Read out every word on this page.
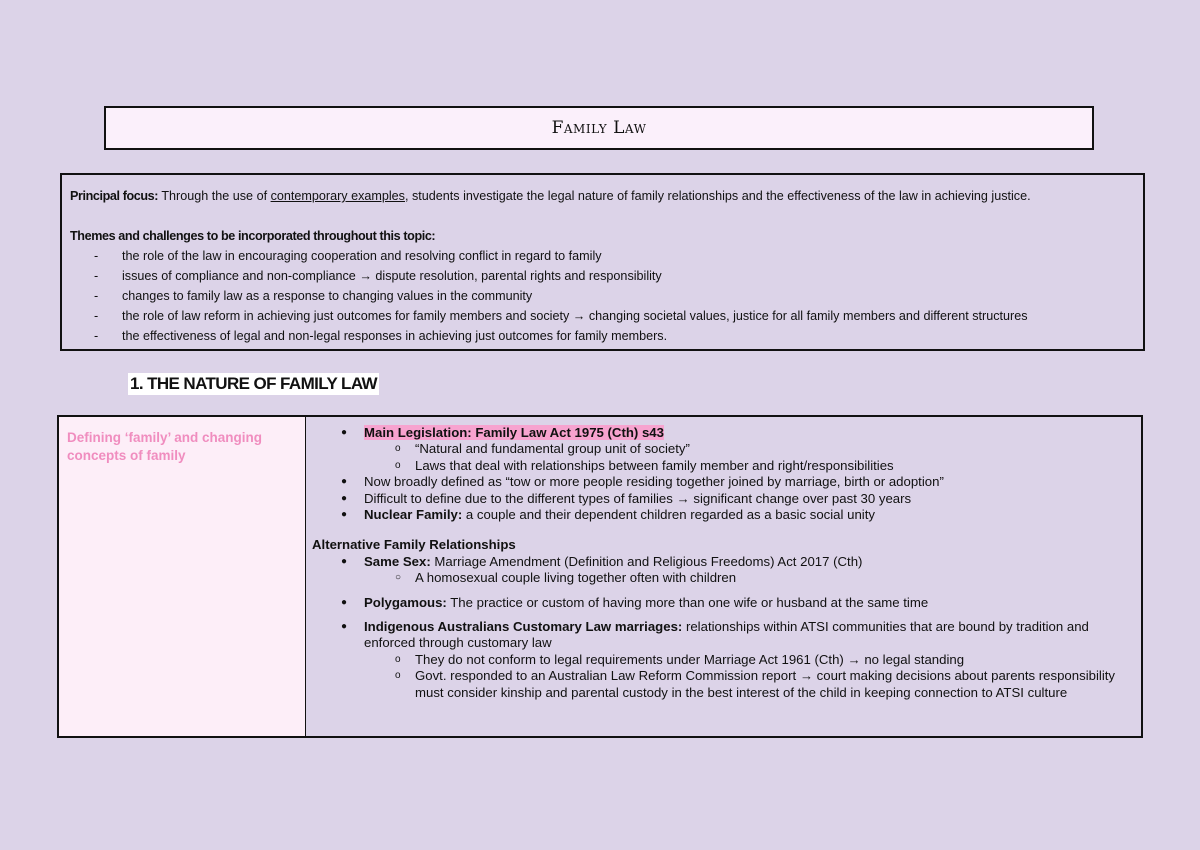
Family Law

Principal focus: Through the use of contemporary examples, students investigate the legal nature of family relationships and the effectiveness of the law in achieving justice.

Themes and challenges to be incorporated throughout this topic:

- the role of the law in encouraging cooperation and resolving conflict in regard to family
- issues of compliance and non-compliance → dispute resolution, parental rights and responsibility
- changes to family law as a response to changing values in the community
- the role of law reform in achieving just outcomes for family members and society → changing societal values, justice for all family members and different structures
- the effectiveness of legal and non-legal responses in achieving just outcomes for family members.
1. THE NATURE OF FAMILY LAW
Defining ‘family’ and changing concepts of family
● Main Legislation: Family Law Act 1975 (Cth) s43
o “Natural and fundamental group unit of society”
o Laws that deal with relationships between family member and right/responsibilities
● Now broadly defined as “tow or more people residing together joined by marriage, birth or adoption”
● Difficult to define due to the different types of families → significant change over past 30 years
● Nuclear Family: a couple and their dependent children regarded as a basic social unity
Alternative Family Relationships
● Same Sex: Marriage Amendment (Definition and Religious Freedoms) Act 2017 (Cth)
○ A homosexual couple living together often with children
● Polygamous: The practice or custom of having more than one wife or husband at the same time
● Indigenous Australians Customary Law marriages: relationships within ATSI communities that are bound by tradition and enforced through customary law
o They do not conform to legal requirements under Marriage Act 1961 (Cth) → no legal standing
o Govt. responded to an Australian Law Reform Commission report → court making decisions about parents responsibility must consider kinship and parental custody in the best interest of the child in keeping connection to ATSI culture
